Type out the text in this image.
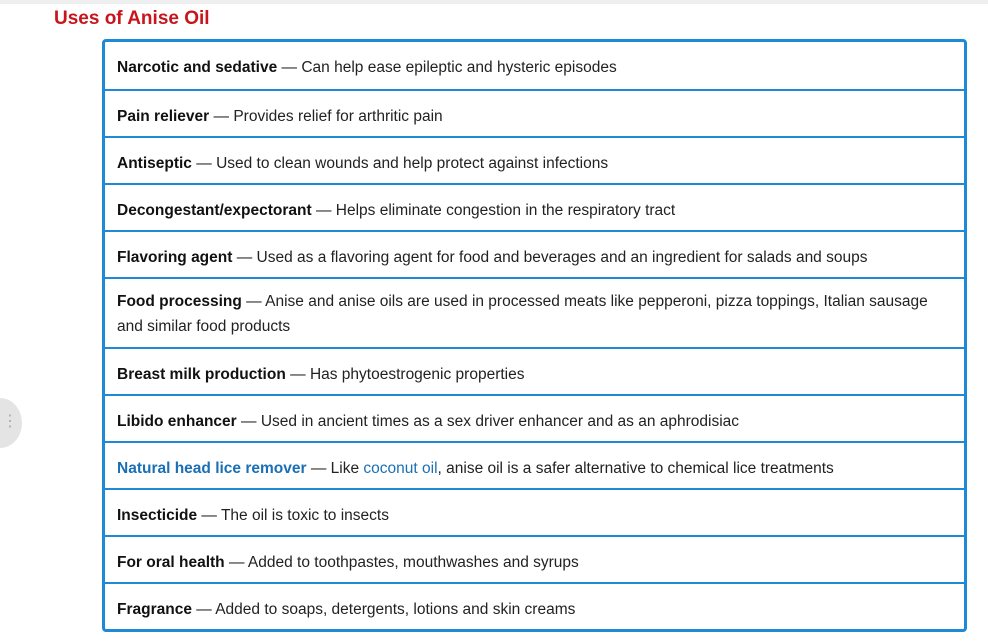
Uses of Anise Oil
⋮
Narcotic and sedative — Can help ease epileptic and hysteric episodes
Pain reliever — Provides relief for arthritic pain
Antiseptic — Used to clean wounds and help protect against infections
Decongestant/expectorant — Helps eliminate congestion in the respiratory tract
Flavoring agent — Used as a flavoring agent for food and beverages and an ingredient for salads and soups
Food processing — Anise and anise oils are used in processed meats like pepperoni, pizza toppings, Italian sausage and similar food products
Breast milk production — Has phytoestrogenic properties
Libido enhancer — Used in ancient times as a sex driver enhancer and as an aphrodisiac
Natural head lice remover — Like coconut oil, anise oil is a safer alternative to chemical lice treatments
Insecticide — The oil is toxic to insects
For oral health — Added to toothpastes, mouthwashes and syrups
Fragrance — Added to soaps, detergents, lotions and skin creams
